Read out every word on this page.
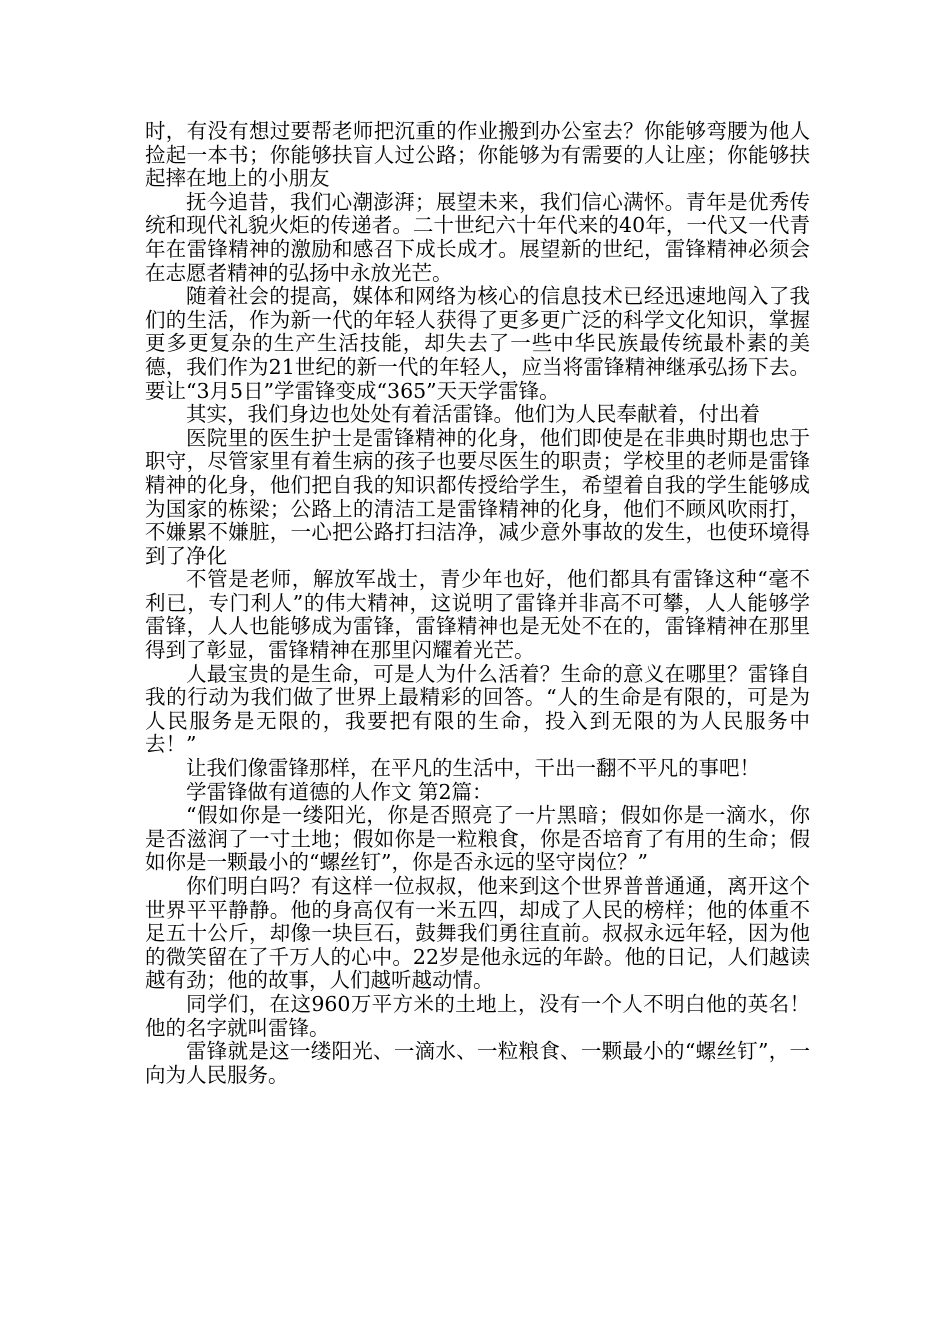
时，有没有想过要帮老师把沉重的作业搬到办公室去？你能够弯腰为他人捡起一本书；你能够扶盲人过公路；你能够为有需要的人让座；你能够扶起摔在地上的小朋友

抚今追昔，我们心潮澎湃；展望未来，我们信心满怀。青年是优秀传统和现代礼貌火炬的传递者。二十世纪六十年代来的40年，一代又一代青年在雷锋精神的激励和感召下成长成才。展望新的世纪，雷锋精神必须会在志愿者精神的弘扬中永放光芒。

随着社会的提高，媒体和网络为核心的信息技术已经迅速地闯入了我们的生活，作为新一代的年轻人获得了更多更广泛的科学文化知识，掌握更多更复杂的生产生活技能，却失去了一些中华民族最传统最朴素的美德，我们作为21世纪的新一代的年轻人，应当将雷锋精神继承弘扬下去。要让“3月5日”学雷锋变成“365”天天学雷锋。

其实，我们身边也处处有着活雷锋。他们为人民奉献着，付出着

医院里的医生护士是雷锋精神的化身，他们即使是在非典时期也忠于职守，尽管家里有着生病的孩子也要尽医生的职责；学校里的老师是雷锋精神的化身，他们把自我的知识都传授给学生，希望着自我的学生能够成为国家的栋梁；公路上的清洁工是雷锋精神的化身，他们不顾风吹雨打，不嫌累不嫌脏，一心把公路打扫洁净，减少意外事故的发生，也使环境得到了净化

不管是老师，解放军战士，青少年也好，他们都具有雷锋这种“毫不利已，专门利人”的伟大精神，这说明了雷锋并非高不可攀，人人能够学雷锋，人人也能够成为雷锋，雷锋精神也是无处不在的，雷锋精神在那里得到了彰显，雷锋精神在那里闪耀着光芒。

人最宝贵的是生命，可是人为什么活着？生命的意义在哪里？雷锋自我的行动为我们做了世界上最精彩的回答。“人的生命是有限的，可是为人民服务是无限的，我要把有限的生命，投入到无限的为人民服务中去！”

让我们像雷锋那样，在平凡的生活中，干出一翻不平凡的事吧！

学雷锋做有道德的人作文 第2篇：

“假如你是一缕阳光，你是否照亮了一片黑暗；假如你是一滴水，你是否滋润了一寸土地；假如你是一粒粮食，你是否培育了有用的生命；假如你是一颗最小的“螺丝钉”，你是否永远的坚守岗位？”

你们明白吗？有这样一位叔叔，他来到这个世界普普通通，离开这个世界平平静静。他的身高仅有一米五四，却成了人民的榜样；他的体重不足五十公斤，却像一块巨石，鼓舞我们勇往直前。叔叔永远年轻，因为他的微笑留在了千万人的心中。22岁是他永远的年龄。他的日记，人们越读越有劲；他的故事，人们越听越动情。

同学们，在这960万平方米的土地上，没有一个人不明白他的英名！他的名字就叫雷锋。

雷锋就是这一缕阳光、一滴水、一粒粮食、一颗最小的“螺丝钉”，一向为人民服务。
